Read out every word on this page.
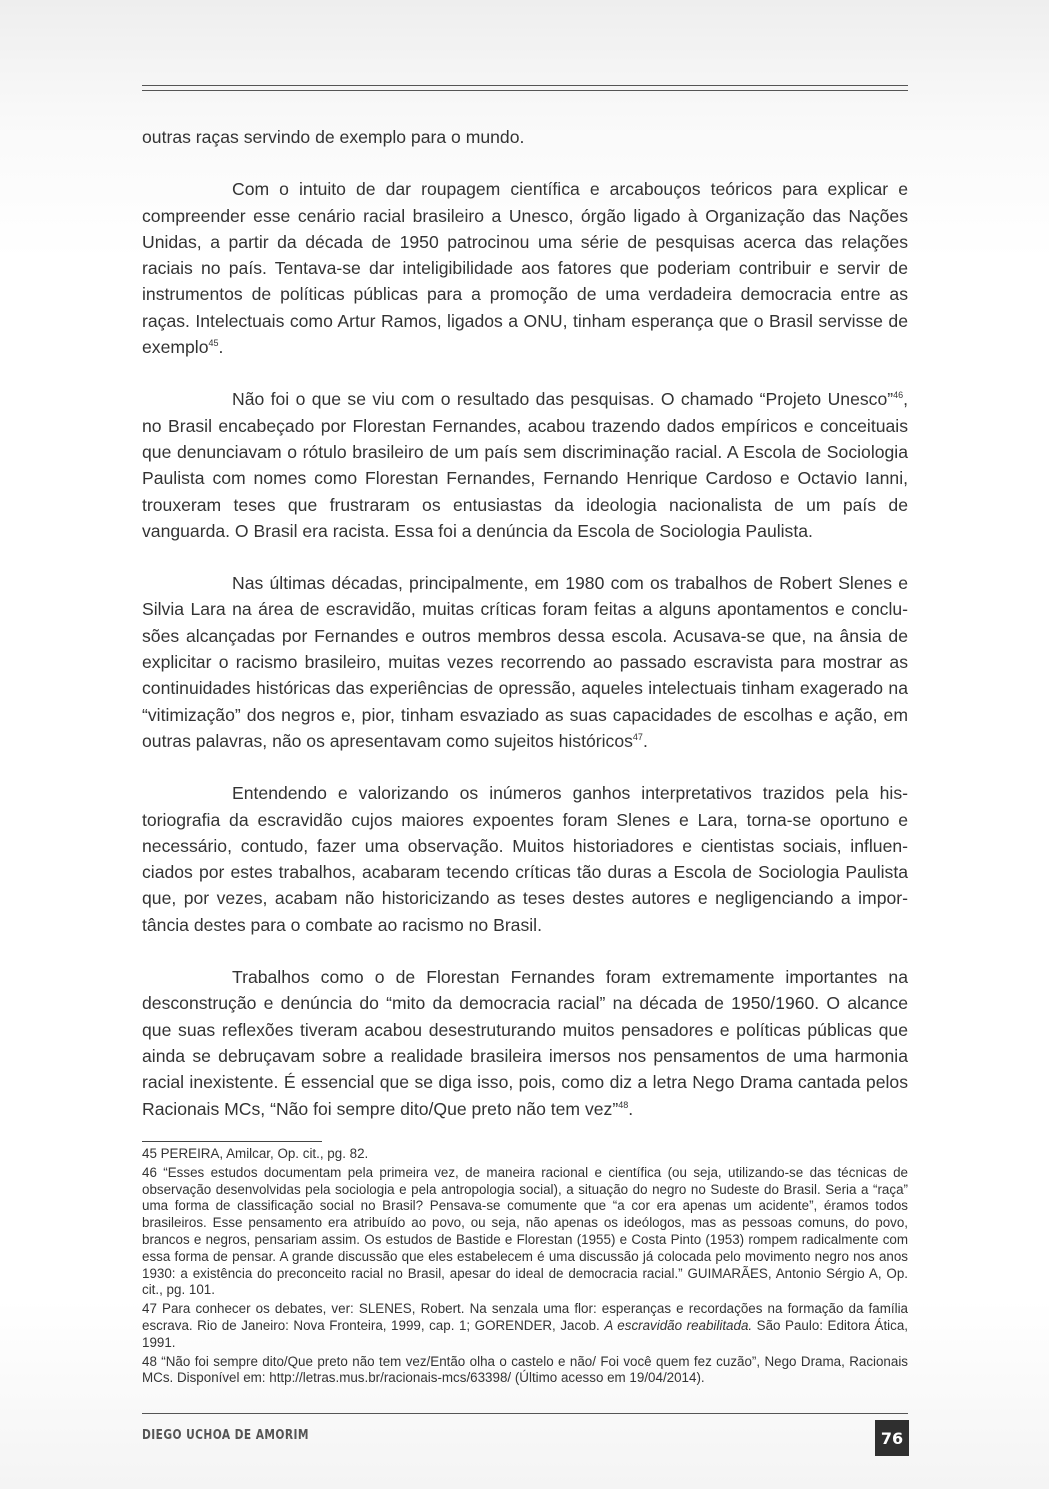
outras raças servindo de exemplo para o mundo.

Com o intuito de dar roupagem científica e arcabouços teóricos para explicar e compreender esse cenário racial brasileiro a Unesco, órgão ligado à Organização das Nações Unidas, a partir da década de 1950 patrocinou uma série de pesquisas acerca das relações raciais no país. Tentava-se dar inteligibilidade aos fatores que poderiam contribuir e servir de instrumentos de políticas públicas para a promoção de uma verdadeira democracia entre as raças. Intelectuais como Artur Ramos, ligados a ONU, tinham esperança que o Brasil servisse de exemplo$^{45}$.

Não foi o que se viu com o resultado das pesquisas. O chamado “Projeto Unesco”$^{46}$, no Brasil encabeçado por Florestan Fernandes, acabou trazendo dados empíricos e conceituais que denunciavam o rótulo brasileiro de um país sem discriminação racial. A Escola de Sociologia Paulista com nomes como Florestan Fernandes, Fernando Henrique Cardoso e Octavio Ianni, trouxeram teses que frustraram os entusiastas da ideologia nacionalista de um país de vanguarda. O Brasil era racista. Essa foi a denúncia da Escola de Sociologia Paulista.

Nas últimas décadas, principalmente, em 1980 com os trabalhos de Robert Slenes e Silvia Lara na área de escravidão, muitas críticas foram feitas a alguns apontamentos e conclusões alcançadas por Fernandes e outros membros dessa escola. Acusava-se que, na ânsia de explicitar o racismo brasileiro, muitas vezes recorrendo ao passado escravista para mostrar as continuidades históricas das experiências de opressão, aqueles intelectuais tinham exagerado na “vitimização” dos negros e, pior, tinham esvaziado as suas capacidades de escolhas e ação, em outras palavras, não os apresentavam como sujeitos históricos$^{47}$.

Entendendo e valorizando os inúmeros ganhos interpretativos trazidos pela historiografia da escravidão cujos maiores expoentes foram Slenes e Lara, torna-se oportuno e necessário, contudo, fazer uma observação. Muitos historiadores e cientistas sociais, influenciados por estes trabalhos, acabaram tecendo críticas tão duras a Escola de Sociologia Paulista que, por vezes, acabam não historicizando as teses destes autores e negligenciando a importância destes para o combate ao racismo no Brasil.

Trabalhos como o de Florestan Fernandes foram extremamente importantes na desconstrução e denúncia do “mito da democracia racial” na década de 1950/1960. O alcance que suas reflexões tiveram acabou desestruturando muitos pensadores e políticas públicas que ainda se debruçavam sobre a realidade brasileira imersos nos pensamentos de uma harmonia racial inexistente. É essencial que se diga isso, pois, como diz a letra Nego Drama cantada pelos Racionais MCs, “Não foi sempre dito/Que preto não tem vez”$^{48}$.

45 PEREIRA, Amilcar, Op. cit., pg. 82.

46 “Esses estudos documentam pela primeira vez, de maneira racional e científica (ou seja, utilizando-se das técnicas de observação desenvolvidas pela sociologia e pela antropologia social), a situação do negro no Sudeste do Brasil. Seria a “raça” uma forma de classificação social no Brasil? Pensava-se comumente que “a cor era apenas um acidente”, éramos todos brasileiros. Esse pensamento era atribuído ao povo, ou seja, não apenas os ideólogos, mas as pessoas comuns, do povo, brancos e negros, pensariam assim. Os estudos de Bastide e Florestan (1955) e Costa Pinto (1953) rompem radicalmente com essa forma de pensar. A grande discussão que eles estabelecem é uma discussão já colocada pelo movimento negro nos anos 1930: a existência do preconceito racial no Brasil, apesar do ideal de democracia racial.” GUIMARÃES, Antonio Sérgio A, Op. cit., pg. 101.

47 Para conhecer os debates, ver: SLENES, Robert. Na senzala uma flor: esperanças e recordações na formação da família escrava. Rio de Janeiro: Nova Fronteira, 1999, cap. 1; GORENDER, Jacob. A escravidão reabilitada. São Paulo: Editora Ática, 1991.

48 “Não foi sempre dito/Que preto não tem vez/Então olha o castelo e não/ Foi você quem fez cuzão”, Nego Drama, Racionais MCs. Disponível em: http://letras.mus.br/racionais-mcs/63398/ (Último acesso em 19/04/2014).

DIEGO UCHOA DE AMORIM	76
